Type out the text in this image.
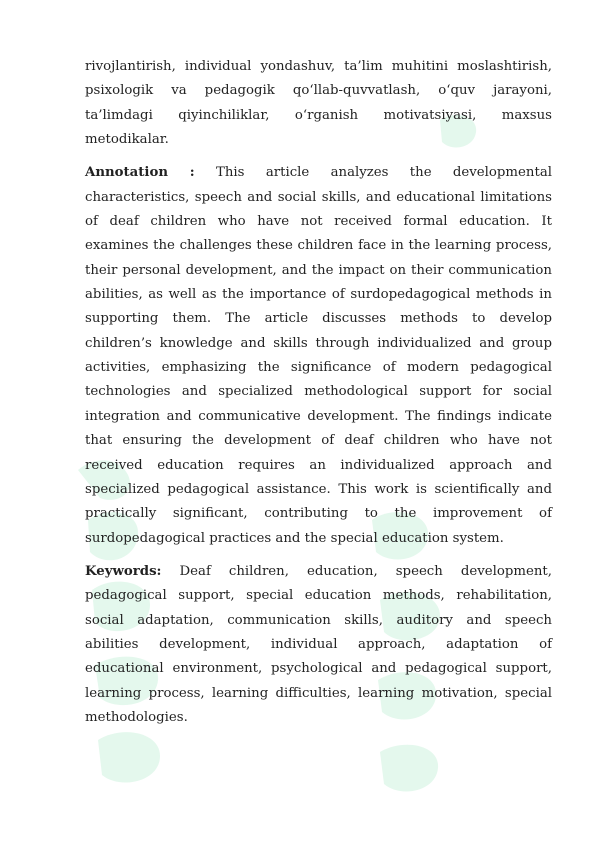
rivojlantirish, individual yondashuv, ta’lim muhitini moslashtirish, psixologik va pedagogik qo‘llab-quvvatlash, o‘quv jarayoni, ta’limdagi qiyinchiliklar, o‘rganish motivatsiyasi, maxsus metodikalar.

Annotation : This article analyzes the developmental characteristics, speech and social skills, and educational limitations of deaf children who have not received formal education. It examines the challenges these children face in the learning process, their personal development, and the impact on their communication abilities, as well as the importance of surdopedagogical methods in supporting them. The article discusses methods to develop children’s knowledge and skills through individualized and group activities, emphasizing the significance of modern pedagogical technologies and specialized methodological support for social integration and communicative development. The findings indicate that ensuring the development of deaf children who have not received education requires an individualized approach and specialized pedagogical assistance. This work is scientifically and practically significant, contributing to the improvement of surdopedagogical practices and the special education system.

Keywords: Deaf children, education, speech development, pedagogical support, special education methods, rehabilitation, social adaptation, communication skills, auditory and speech abilities development, individual approach, adaptation of educational environment, psychological and pedagogical support, learning process, learning difficulties, learning motivation, special methodologies.
